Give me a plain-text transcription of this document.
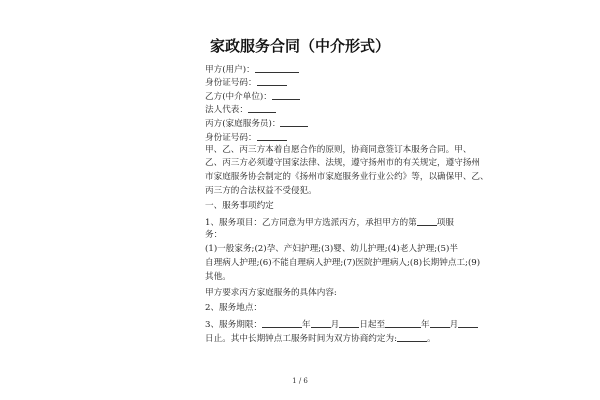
家政服务合同（中介形式）
甲方(用户)：
身份证号码：
乙方(中介单位)：
法人代表：
丙方(家庭服务员)：
身份证号码：
甲、乙、丙三方本着自愿合作的原则，协商同意签订本服务合同。甲、
乙、丙三方必须遵守国家法律、法规，遵守扬州市的有关规定，遵守扬州
市家庭服务协会制定的《扬州市家庭服务业行业公约》等，以确保甲、乙、
丙三方的合法权益不受侵犯。
一、服务事项约定
1、服务项目：乙方同意为甲方选派丙方，承担甲方的第 项服
务：
(1)一般家务;(2)孕、产妇护理;(3)婴、幼儿护理;(4)老人护理;(5)半
自理病人护理;(6)不能自理病人护理;(7)医院护理病人;(8)长期钟点工;(9)
其他。
甲方要求丙方家庭服务的具体内容:
2、服务地点：
3、服务期限：	年 月 日起至	年 月
日止。其中长期钟点工服务时间为双方协商约定为:	。
1 / 6
